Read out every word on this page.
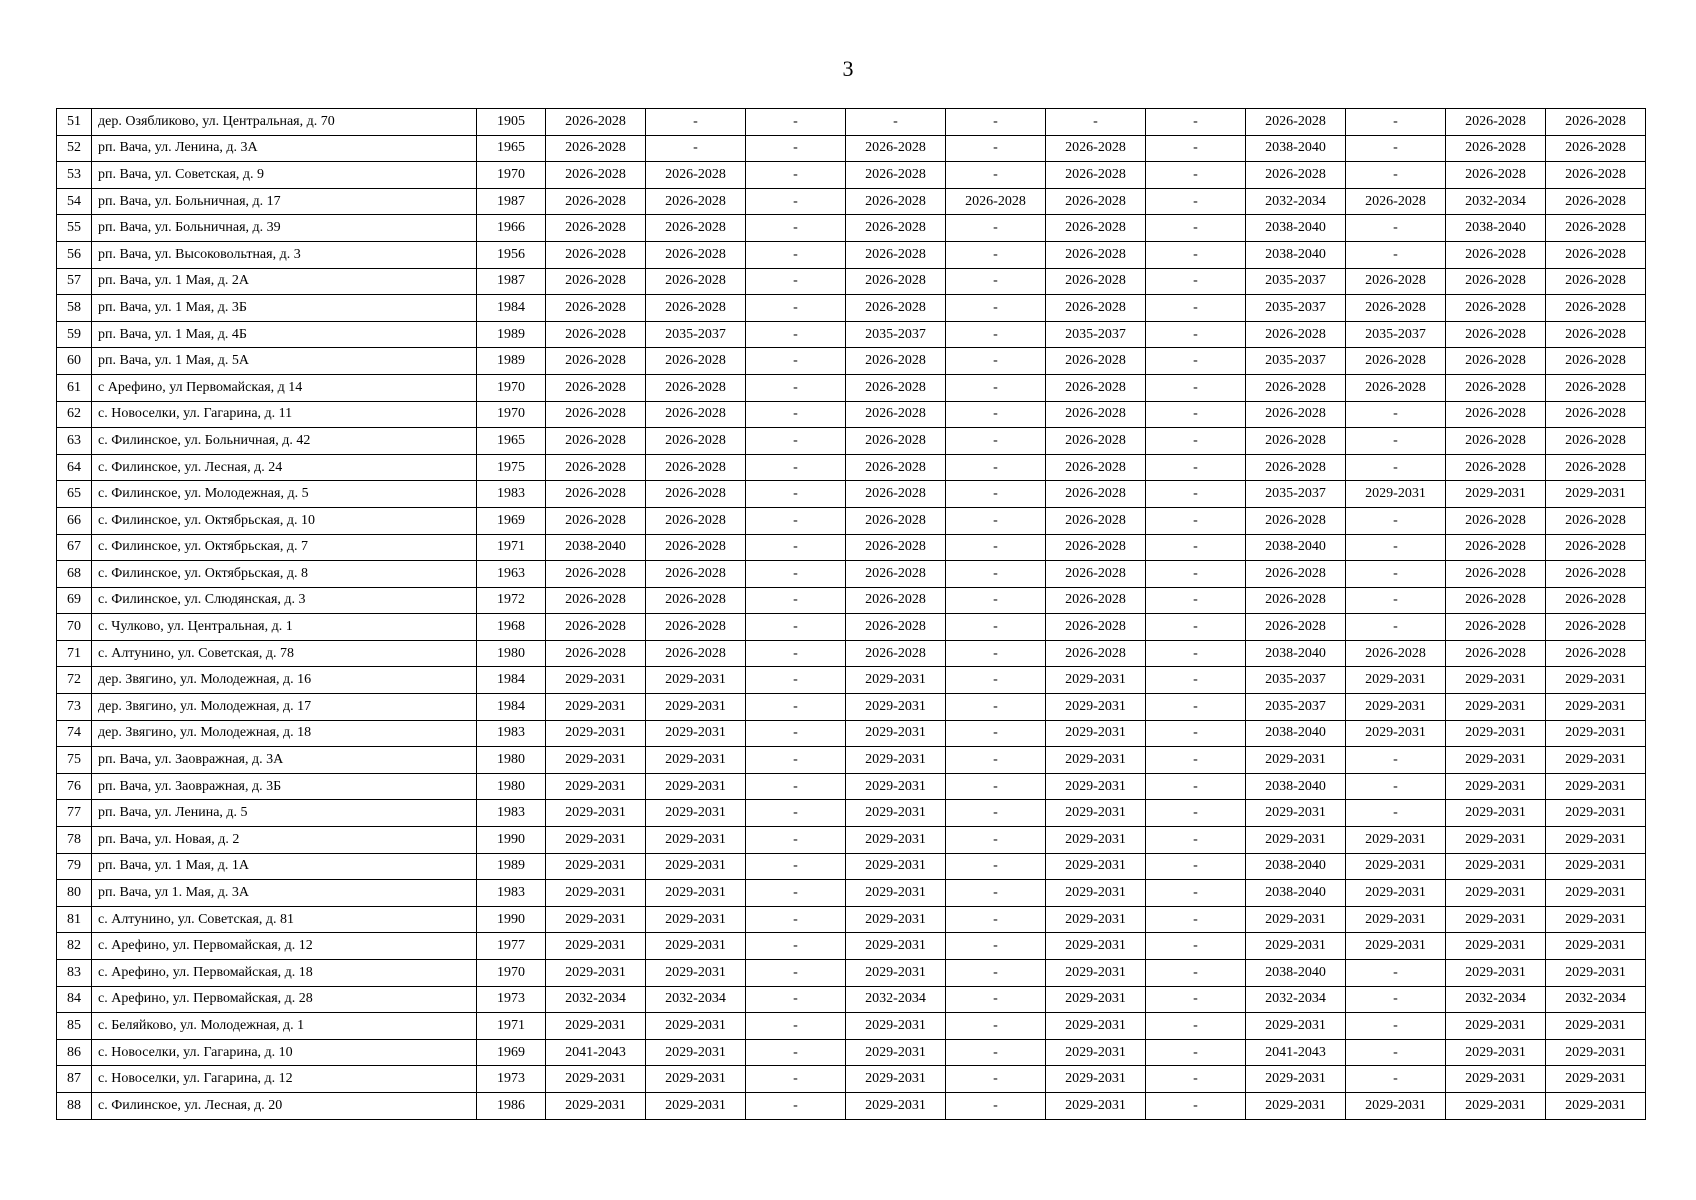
3
51	дер. Озябликово, ул. Центральная, д. 70	1905	2026-2028	-	-	-	-	-	-	2026-2028	-	2026-2028	2026-2028
52	рп. Вача, ул. Ленина, д. 3А	1965	2026-2028	-	-	2026-2028	-	2026-2028	-	2038-2040	-	2026-2028	2026-2028
53	рп. Вача, ул. Советская, д. 9	1970	2026-2028	2026-2028	-	2026-2028	-	2026-2028	-	2026-2028	-	2026-2028	2026-2028
54	рп. Вача, ул. Больничная, д. 17	1987	2026-2028	2026-2028	-	2026-2028	2026-2028	2026-2028	-	2032-2034	2026-2028	2032-2034	2026-2028
55	рп. Вача, ул. Больничная, д. 39	1966	2026-2028	2026-2028	-	2026-2028	-	2026-2028	-	2038-2040	-	2038-2040	2026-2028
56	рп. Вача, ул. Высоковольтная, д. 3	1956	2026-2028	2026-2028	-	2026-2028	-	2026-2028	-	2038-2040	-	2026-2028	2026-2028
57	рп. Вача, ул. 1 Мая, д. 2А	1987	2026-2028	2026-2028	-	2026-2028	-	2026-2028	-	2035-2037	2026-2028	2026-2028	2026-2028
58	рп. Вача, ул. 1 Мая, д. 3Б	1984	2026-2028	2026-2028	-	2026-2028	-	2026-2028	-	2035-2037	2026-2028	2026-2028	2026-2028
59	рп. Вача, ул. 1 Мая, д. 4Б	1989	2026-2028	2035-2037	-	2035-2037	-	2035-2037	-	2026-2028	2035-2037	2026-2028	2026-2028
60	рп. Вача, ул. 1 Мая, д. 5А	1989	2026-2028	2026-2028	-	2026-2028	-	2026-2028	-	2035-2037	2026-2028	2026-2028	2026-2028
61	с Арефино, ул Первомайская, д 14	1970	2026-2028	2026-2028	-	2026-2028	-	2026-2028	-	2026-2028	2026-2028	2026-2028	2026-2028
62	с. Новоселки, ул. Гагарина, д. 11	1970	2026-2028	2026-2028	-	2026-2028	-	2026-2028	-	2026-2028	-	2026-2028	2026-2028
63	с. Филинское, ул. Больничная, д. 42	1965	2026-2028	2026-2028	-	2026-2028	-	2026-2028	-	2026-2028	-	2026-2028	2026-2028
64	с. Филинское, ул. Лесная, д. 24	1975	2026-2028	2026-2028	-	2026-2028	-	2026-2028	-	2026-2028	-	2026-2028	2026-2028
65	с. Филинское, ул. Молодежная, д. 5	1983	2026-2028	2026-2028	-	2026-2028	-	2026-2028	-	2035-2037	2029-2031	2029-2031	2029-2031
66	с. Филинское, ул. Октябрьская, д. 10	1969	2026-2028	2026-2028	-	2026-2028	-	2026-2028	-	2026-2028	-	2026-2028	2026-2028
67	с. Филинское, ул. Октябрьская, д. 7	1971	2038-2040	2026-2028	-	2026-2028	-	2026-2028	-	2038-2040	-	2026-2028	2026-2028
68	с. Филинское, ул. Октябрьская, д. 8	1963	2026-2028	2026-2028	-	2026-2028	-	2026-2028	-	2026-2028	-	2026-2028	2026-2028
69	с. Филинское, ул. Слюдянская, д. 3	1972	2026-2028	2026-2028	-	2026-2028	-	2026-2028	-	2026-2028	-	2026-2028	2026-2028
70	с. Чулково, ул. Центральная, д. 1	1968	2026-2028	2026-2028	-	2026-2028	-	2026-2028	-	2026-2028	-	2026-2028	2026-2028
71	с. Алтунино, ул. Советская, д. 78	1980	2026-2028	2026-2028	-	2026-2028	-	2026-2028	-	2038-2040	2026-2028	2026-2028	2026-2028
72	дер. Звягино, ул. Молодежная, д. 16	1984	2029-2031	2029-2031	-	2029-2031	-	2029-2031	-	2035-2037	2029-2031	2029-2031	2029-2031
73	дер. Звягино, ул. Молодежная, д. 17	1984	2029-2031	2029-2031	-	2029-2031	-	2029-2031	-	2035-2037	2029-2031	2029-2031	2029-2031
74	дер. Звягино, ул. Молодежная, д. 18	1983	2029-2031	2029-2031	-	2029-2031	-	2029-2031	-	2038-2040	2029-2031	2029-2031	2029-2031
75	рп. Вача, ул. Заовражная, д. 3А	1980	2029-2031	2029-2031	-	2029-2031	-	2029-2031	-	2029-2031	-	2029-2031	2029-2031
76	рп. Вача, ул. Заовражная, д. 3Б	1980	2029-2031	2029-2031	-	2029-2031	-	2029-2031	-	2038-2040	-	2029-2031	2029-2031
77	рп. Вача, ул. Ленина, д. 5	1983	2029-2031	2029-2031	-	2029-2031	-	2029-2031	-	2029-2031	-	2029-2031	2029-2031
78	рп. Вача, ул. Новая, д. 2	1990	2029-2031	2029-2031	-	2029-2031	-	2029-2031	-	2029-2031	2029-2031	2029-2031	2029-2031
79	рп. Вача, ул. 1 Мая, д. 1А	1989	2029-2031	2029-2031	-	2029-2031	-	2029-2031	-	2038-2040	2029-2031	2029-2031	2029-2031
80	рп. Вача, ул 1. Мая, д. 3А	1983	2029-2031	2029-2031	-	2029-2031	-	2029-2031	-	2038-2040	2029-2031	2029-2031	2029-2031
81	с. Алтунино, ул. Советская, д. 81	1990	2029-2031	2029-2031	-	2029-2031	-	2029-2031	-	2029-2031	2029-2031	2029-2031	2029-2031
82	с. Арефино, ул. Первомайская, д. 12	1977	2029-2031	2029-2031	-	2029-2031	-	2029-2031	-	2029-2031	2029-2031	2029-2031	2029-2031
83	с. Арефино, ул. Первомайская, д. 18	1970	2029-2031	2029-2031	-	2029-2031	-	2029-2031	-	2038-2040	-	2029-2031	2029-2031
84	с. Арефино, ул. Первомайская, д. 28	1973	2032-2034	2032-2034	-	2032-2034	-	2029-2031	-	2032-2034	-	2032-2034	2032-2034
85	с. Беляйково, ул. Молодежная, д. 1	1971	2029-2031	2029-2031	-	2029-2031	-	2029-2031	-	2029-2031	-	2029-2031	2029-2031
86	с. Новоселки, ул. Гагарина, д. 10	1969	2041-2043	2029-2031	-	2029-2031	-	2029-2031	-	2041-2043	-	2029-2031	2029-2031
87	с. Новоселки, ул. Гагарина, д. 12	1973	2029-2031	2029-2031	-	2029-2031	-	2029-2031	-	2029-2031	-	2029-2031	2029-2031
88	с. Филинское, ул. Лесная, д. 20	1986	2029-2031	2029-2031	-	2029-2031	-	2029-2031	-	2029-2031	2029-2031	2029-2031	2029-2031
